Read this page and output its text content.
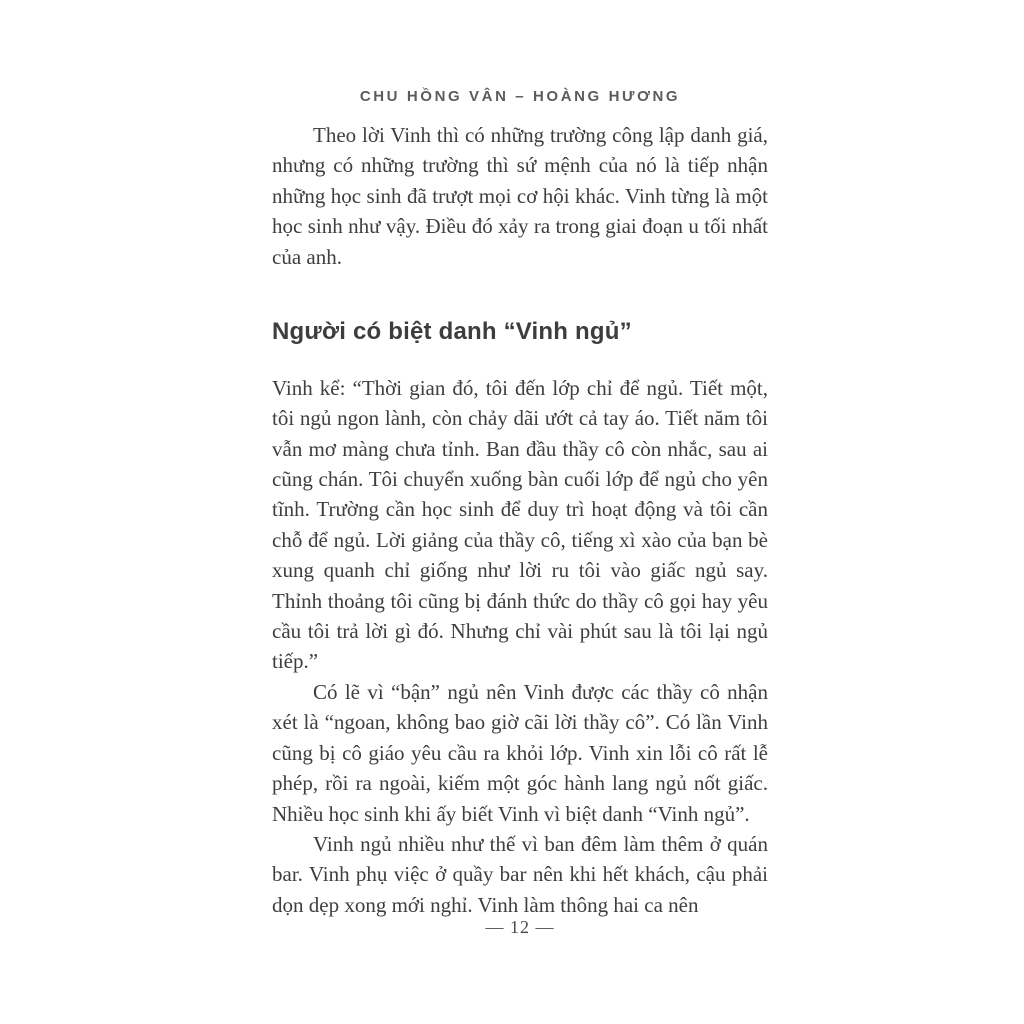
CHU HỒNG VÂN – HOÀNG HƯƠNG

Theo lời Vinh thì có những trường công lập danh giá, nhưng có những trường thì sứ mệnh của nó là tiếp nhận những học sinh đã trượt mọi cơ hội khác. Vinh từng là một học sinh như vậy. Điều đó xảy ra trong giai đoạn u tối nhất của anh.

Người có biệt danh “Vinh ngủ”

Vinh kể: “Thời gian đó, tôi đến lớp chỉ để ngủ. Tiết một, tôi ngủ ngon lành, còn chảy dãi ướt cả tay áo. Tiết năm tôi vẫn mơ màng chưa tỉnh. Ban đầu thầy cô còn nhắc, sau ai cũng chán. Tôi chuyển xuống bàn cuối lớp để ngủ cho yên tĩnh. Trường cần học sinh để duy trì hoạt động và tôi cần chỗ để ngủ. Lời giảng của thầy cô, tiếng xì xào của bạn bè xung quanh chỉ giống như lời ru tôi vào giấc ngủ say. Thỉnh thoảng tôi cũng bị đánh thức do thầy cô gọi hay yêu cầu tôi trả lời gì đó. Nhưng chỉ vài phút sau là tôi lại ngủ tiếp.”

Có lẽ vì “bận” ngủ nên Vinh được các thầy cô nhận xét là “ngoan, không bao giờ cãi lời thầy cô”. Có lần Vinh cũng bị cô giáo yêu cầu ra khỏi lớp. Vinh xin lỗi cô rất lễ phép, rồi ra ngoài, kiếm một góc hành lang ngủ nốt giấc. Nhiều học sinh khi ấy biết Vinh vì biệt danh “Vinh ngủ”.

Vinh ngủ nhiều như thế vì ban đêm làm thêm ở quán bar. Vinh phụ việc ở quầy bar nên khi hết khách, cậu phải dọn dẹp xong mới nghỉ. Vinh làm thông hai ca nên

— 12 —
